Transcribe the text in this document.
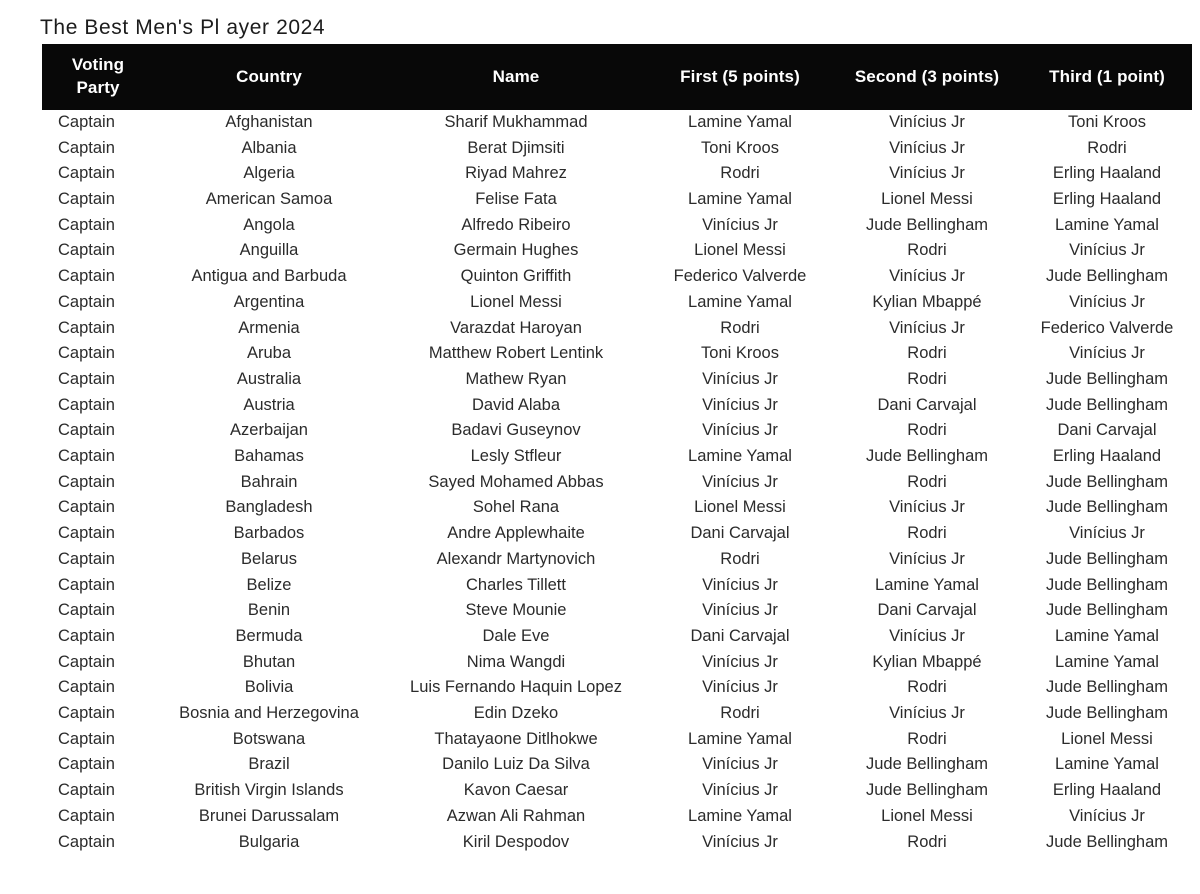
The Best Men's Pl ayer 2024
Voting
Party	Country	Name	First (5 points)	Second (3 points)	Third (1 point)
Captain	Afghanistan	Sharif Mukhammad	Lamine Yamal	Vinícius Jr	Toni Kroos
Captain	Albania	Berat Djimsiti	Toni Kroos	Vinícius Jr	Rodri
Captain	Algeria	Riyad Mahrez	Rodri	Vinícius Jr	Erling Haaland
Captain	American Samoa	Felise Fata	Lamine Yamal	Lionel Messi	Erling Haaland
Captain	Angola	Alfredo Ribeiro	Vinícius Jr	Jude Bellingham	Lamine Yamal
Captain	Anguilla	Germain Hughes	Lionel Messi	Rodri	Vinícius Jr
Captain	Antigua and Barbuda	Quinton Griffith	Federico Valverde	Vinícius Jr	Jude Bellingham
Captain	Argentina	Lionel Messi	Lamine Yamal	Kylian Mbappé	Vinícius Jr
Captain	Armenia	Varazdat Haroyan	Rodri	Vinícius Jr	Federico Valverde
Captain	Aruba	Matthew Robert Lentink	Toni Kroos	Rodri	Vinícius Jr
Captain	Australia	Mathew Ryan	Vinícius Jr	Rodri	Jude Bellingham
Captain	Austria	David Alaba	Vinícius Jr	Dani Carvajal	Jude Bellingham
Captain	Azerbaijan	Badavi Guseynov	Vinícius Jr	Rodri	Dani Carvajal
Captain	Bahamas	Lesly Stfleur	Lamine Yamal	Jude Bellingham	Erling Haaland
Captain	Bahrain	Sayed Mohamed Abbas	Vinícius Jr	Rodri	Jude Bellingham
Captain	Bangladesh	Sohel Rana	Lionel Messi	Vinícius Jr	Jude Bellingham
Captain	Barbados	Andre Applewhaite	Dani Carvajal	Rodri	Vinícius Jr
Captain	Belarus	Alexandr Martynovich	Rodri	Vinícius Jr	Jude Bellingham
Captain	Belize	Charles Tillett	Vinícius Jr	Lamine Yamal	Jude Bellingham
Captain	Benin	Steve Mounie	Vinícius Jr	Dani Carvajal	Jude Bellingham
Captain	Bermuda	Dale Eve	Dani Carvajal	Vinícius Jr	Lamine Yamal
Captain	Bhutan	Nima Wangdi	Vinícius Jr	Kylian Mbappé	Lamine Yamal
Captain	Bolivia	Luis Fernando Haquin Lopez	Vinícius Jr	Rodri	Jude Bellingham
Captain	Bosnia and Herzegovina	Edin Dzeko	Rodri	Vinícius Jr	Jude Bellingham
Captain	Botswana	Thatayaone Ditlhokwe	Lamine Yamal	Rodri	Lionel Messi
Captain	Brazil	Danilo Luiz Da Silva	Vinícius Jr	Jude Bellingham	Lamine Yamal
Captain	British Virgin Islands	Kavon Caesar	Vinícius Jr	Jude Bellingham	Erling Haaland
Captain	Brunei Darussalam	Azwan Ali Rahman	Lamine Yamal	Lionel Messi	Vinícius Jr
Captain	Bulgaria	Kiril Despodov	Vinícius Jr	Rodri	Jude Bellingham
